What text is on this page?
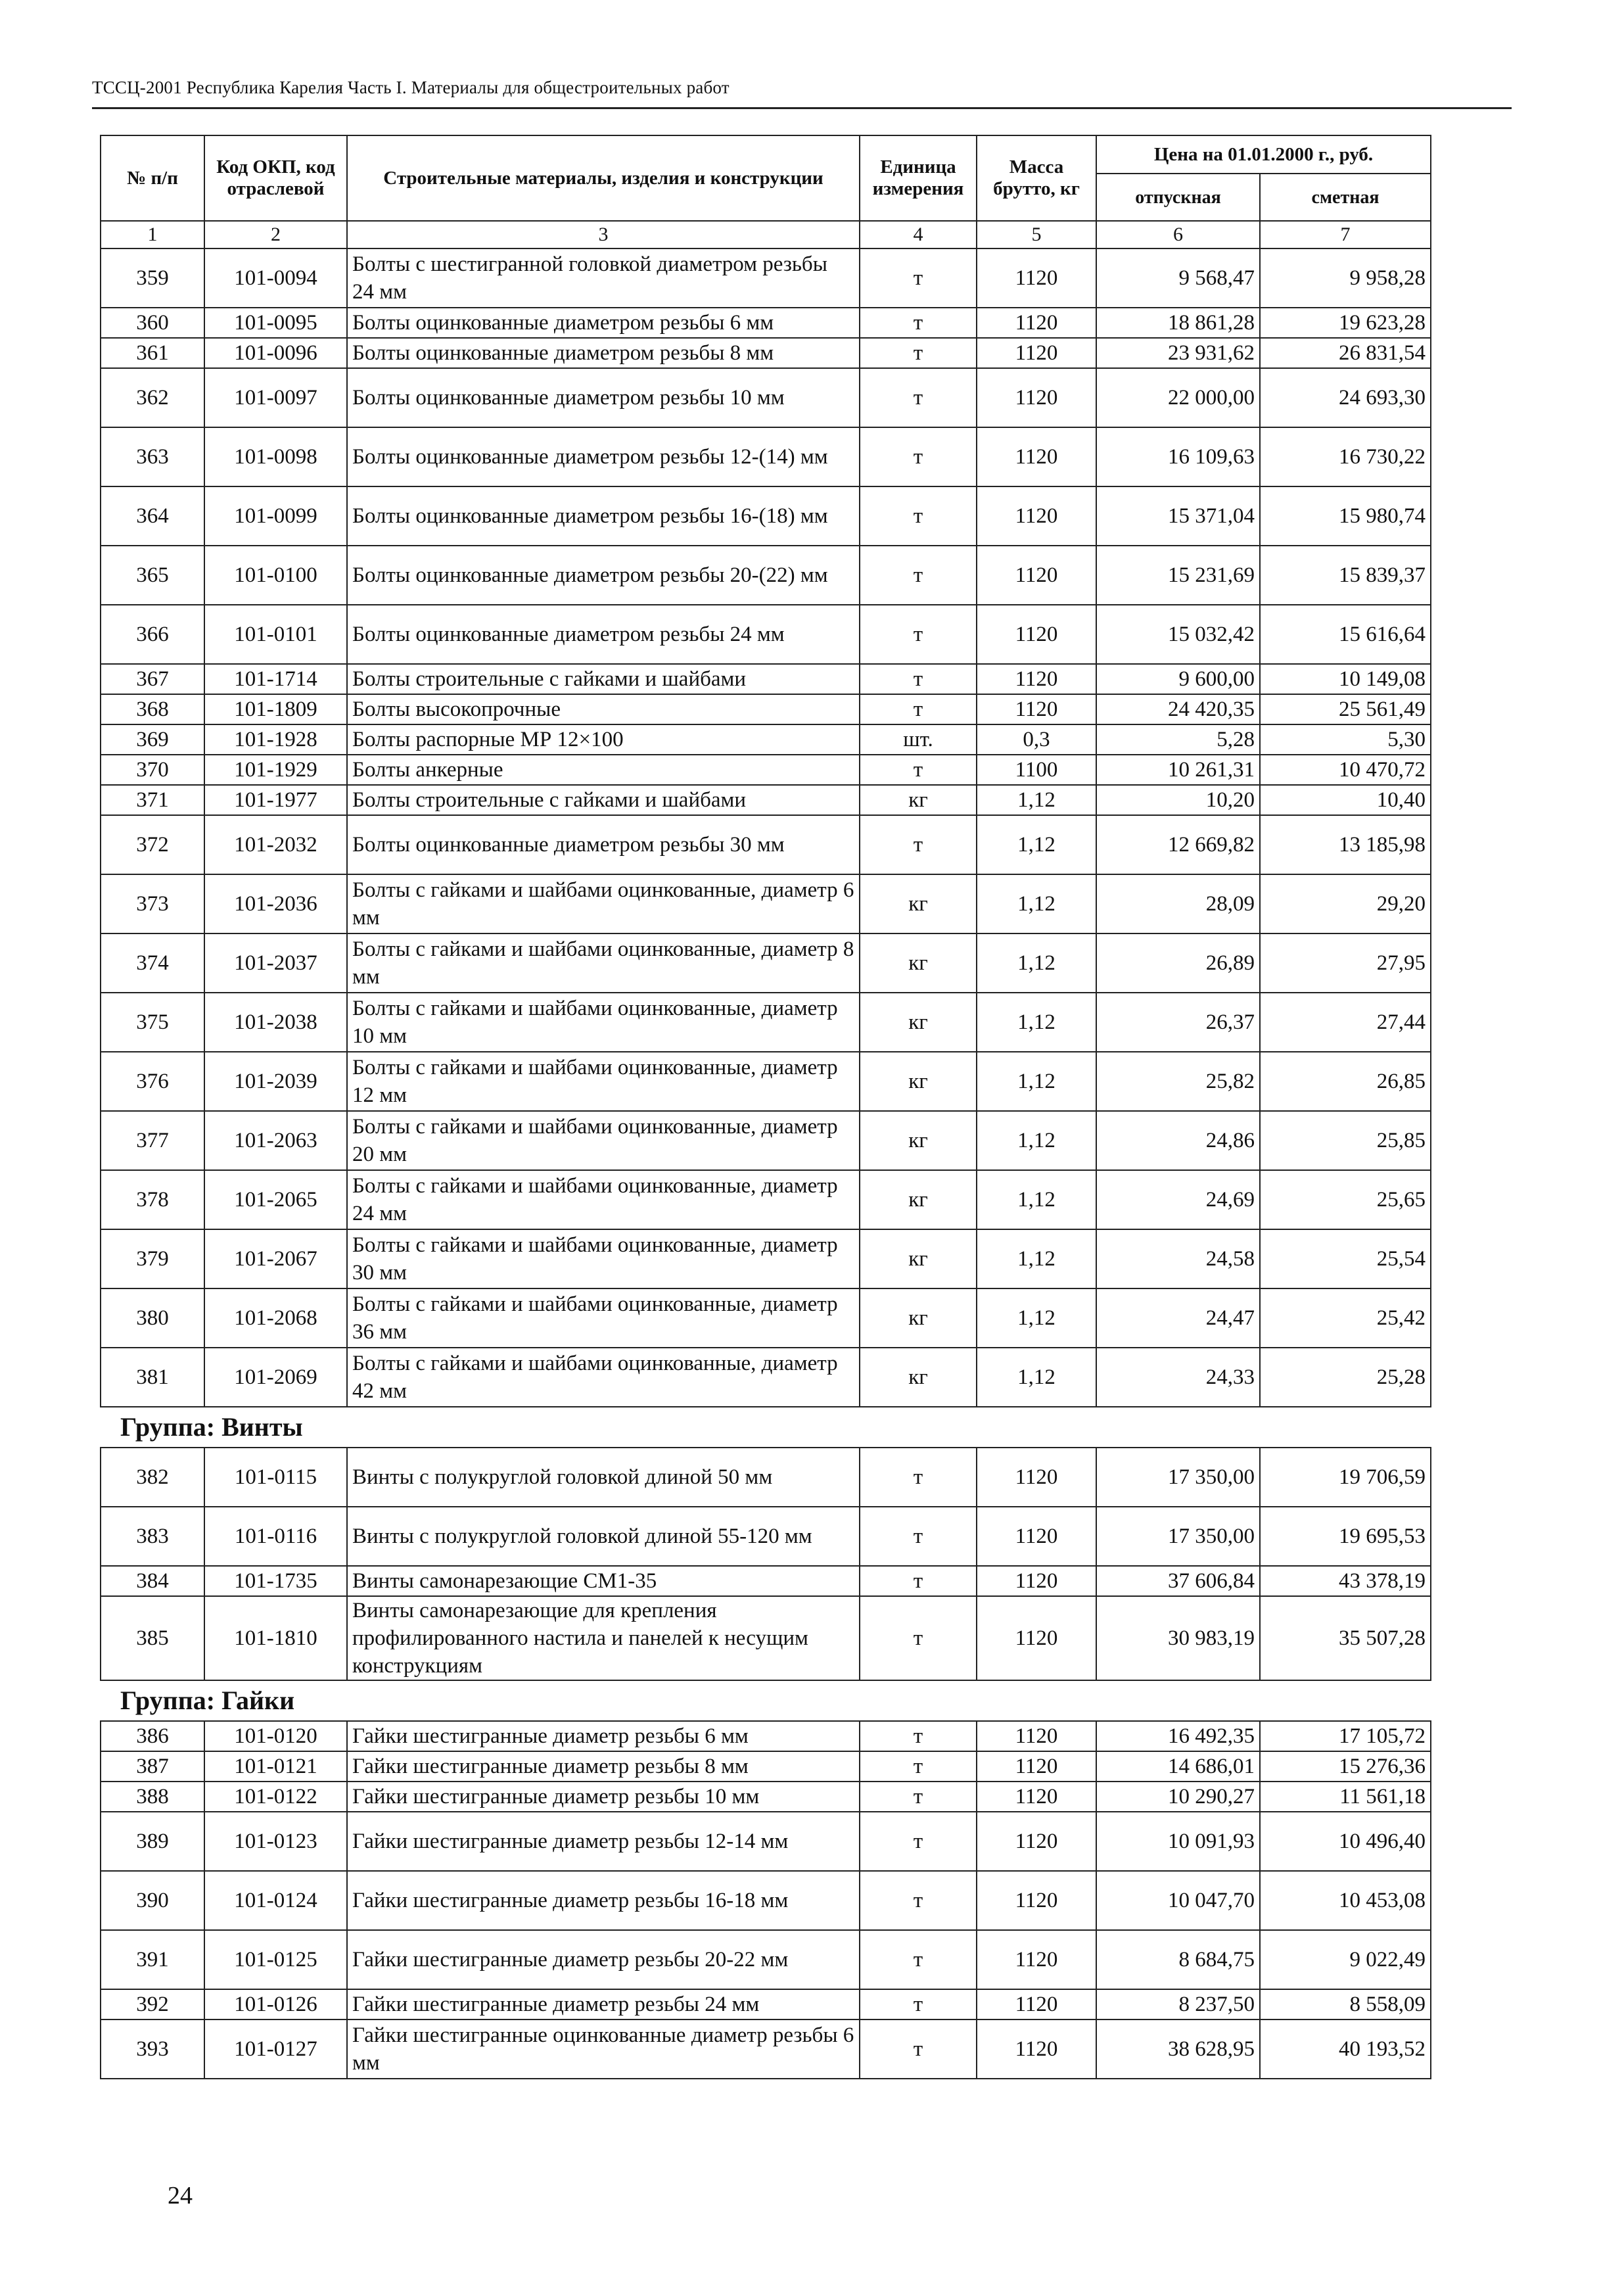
ТССЦ-2001 Республика Карелия Часть I. Материалы для общестроительных работ
№ п/п	Код ОКП, код отраслевой	Строительные материалы, изделия и конструкции	Единица измерения	Масса брутто, кг	Цена на 01.01.2000 г., руб.	
					отпускная	сметная
1	2	3	4	5	6	7
359	101-0094	Болты с шестигранной головкой диаметром резьбы 24 мм	т	1120	9 568,47	9 958,28
360	101-0095	Болты оцинкованные диаметром резьбы 6 мм	т	1120	18 861,28	19 623,28
361	101-0096	Болты оцинкованные диаметром резьбы 8 мм	т	1120	23 931,62	26 831,54
362	101-0097	Болты оцинкованные диаметром резьбы 10 мм	т	1120	22 000,00	24 693,30
363	101-0098	Болты оцинкованные диаметром резьбы 12-(14) мм	т	1120	16 109,63	16 730,22
364	101-0099	Болты оцинкованные диаметром резьбы 16-(18) мм	т	1120	15 371,04	15 980,74
365	101-0100	Болты оцинкованные диаметром резьбы 20-(22) мм	т	1120	15 231,69	15 839,37
366	101-0101	Болты оцинкованные диаметром резьбы 24 мм	т	1120	15 032,42	15 616,64
367	101-1714	Болты строительные с гайками и шайбами	т	1120	9 600,00	10 149,08
368	101-1809	Болты высокопрочные	т	1120	24 420,35	25 561,49
369	101-1928	Болты распорные МР 12×100	шт.	0,3	5,28	5,30
370	101-1929	Болты анкерные	т	1100	10 261,31	10 470,72
371	101-1977	Болты строительные с гайками и шайбами	кг	1,12	10,20	10,40
372	101-2032	Болты оцинкованные диаметром резьбы 30 мм	т	1,12	12 669,82	13 185,98
373	101-2036	Болты с гайками и шайбами оцинкованные, диаметр 6 мм	кг	1,12	28,09	29,20
374	101-2037	Болты с гайками и шайбами оцинкованные, диаметр 8 мм	кг	1,12	26,89	27,95
375	101-2038	Болты с гайками и шайбами оцинкованные, диаметр 10 мм	кг	1,12	26,37	27,44
376	101-2039	Болты с гайками и шайбами оцинкованные, диаметр 12 мм	кг	1,12	25,82	26,85
377	101-2063	Болты с гайками и шайбами оцинкованные, диаметр 20 мм	кг	1,12	24,86	25,85
378	101-2065	Болты с гайками и шайбами оцинкованные, диаметр 24 мм	кг	1,12	24,69	25,65
379	101-2067	Болты с гайками и шайбами оцинкованные, диаметр 30 мм	кг	1,12	24,58	25,54
380	101-2068	Болты с гайками и шайбами оцинкованные, диаметр 36 мм	кг	1,12	24,47	25,42
381	101-2069	Болты с гайками и шайбами оцинкованные, диаметр 42 мм	кг	1,12	24,33	25,28
Группа: Винты						
382	101-0115	Винты с полукруглой головкой длиной 50 мм	т	1120	17 350,00	19 706,59
383	101-0116	Винты с полукруглой головкой длиной 55-120 мм	т	1120	17 350,00	19 695,53
384	101-1735	Винты самонарезающие СМ1-35	т	1120	37 606,84	43 378,19
385	101-1810	Винты самонарезающие для крепления профилированного настила и панелей к несущим конструкциям	т	1120	30 983,19	35 507,28
Группа: Гайки						
386	101-0120	Гайки шестигранные диаметр резьбы 6 мм	т	1120	16 492,35	17 105,72
387	101-0121	Гайки шестигранные диаметр резьбы 8 мм	т	1120	14 686,01	15 276,36
388	101-0122	Гайки шестигранные диаметр резьбы 10 мм	т	1120	10 290,27	11 561,18
389	101-0123	Гайки шестигранные диаметр резьбы 12-14 мм	т	1120	10 091,93	10 496,40
390	101-0124	Гайки шестигранные диаметр резьбы 16-18 мм	т	1120	10 047,70	10 453,08
391	101-0125	Гайки шестигранные диаметр резьбы 20-22 мм	т	1120	8 684,75	9 022,49
392	101-0126	Гайки шестигранные диаметр резьбы 24 мм	т	1120	8 237,50	8 558,09
393	101-0127	Гайки шестигранные оцинкованные диаметр резьбы 6 мм	т	1120	38 628,95	40 193,52
24
